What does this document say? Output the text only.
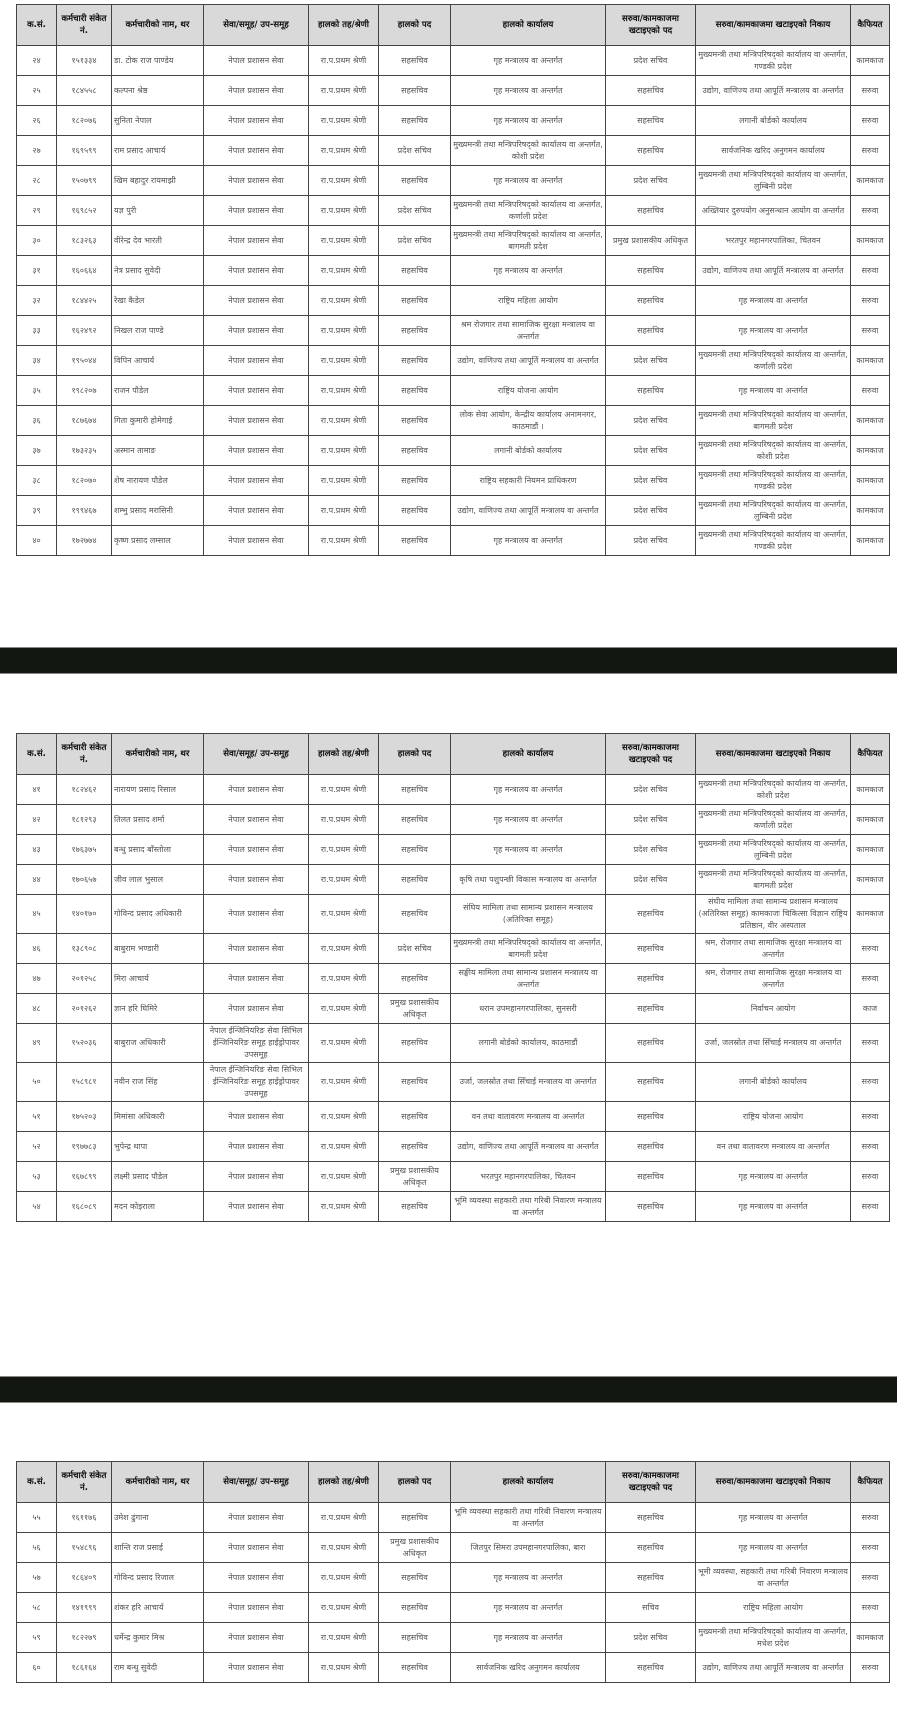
क.सं.	कर्मचारी संकेत नं.	कर्मचारीको नाम, थर	सेवा/समूह/ उप-समूह	हालको तह/श्रेणी	हालको पद	हालको कार्यालय	सरुवा/कामकाजमा खटाइएको पद	सरुवा/कामकाजमा खटाइएको निकाय	कैफियत
२४	१५१३३४	डा. टोक राज पाण्डेय	नेपाल प्रशासन सेवा	रा.प.प्रथम श्रेणी	सहसचिव	गृह मन्त्रालय वा अन्तर्गत	प्रदेश सचिव	मुख्यमन्त्री तथा मन्त्रिपरिषद्को कार्यालय वा अन्तर्गत, गण्डकी प्रदेश	कामकाज
२५	१८४५५८	कल्पना श्रेष्ठ	नेपाल प्रशासन सेवा	रा.प.प्रथम श्रेणी	सहसचिव	गृह मन्त्रालय वा अन्तर्गत	सहसचिव	उद्योग, वाणिज्य तथा आपूर्ति मन्त्रालय वा अन्तर्गत	सरुवा
२६	१८२०७६	सुनिता नेपाल	नेपाल प्रशासन सेवा	रा.प.प्रथम श्रेणी	सहसचिव	गृह मन्त्रालय वा अन्तर्गत	सहसचिव	लगानी बोर्डको कार्यालय	सरुवा
२७	१६९५९९	राम प्रसाद आचार्य	नेपाल प्रशासन सेवा	रा.प.प्रथम श्रेणी	प्रदेश सचिव	मुख्यमन्त्री तथा मन्त्रिपरिषद्को कार्यालय वा अन्तर्गत, कोशी प्रदेश	सहसचिव	सार्वजनिक खरिद अनुगमन कार्यालय	सरुवा
२८	१५०७९९	खिम बहादुर रायमाझी	नेपाल प्रशासन सेवा	रा.प.प्रथम श्रेणी	सहसचिव	गृह मन्त्रालय वा अन्तर्गत	प्रदेश सचिव	मुख्यमन्त्री तथा मन्त्रिपरिषद्को कार्यालय वा अन्तर्गत, लुम्बिनी प्रदेश	कामकाज
२९	१६९८५२	यज्ञ पुरी	नेपाल प्रशासन सेवा	रा.प.प्रथम श्रेणी	प्रदेश सचिव	मुख्यमन्त्री तथा मन्त्रिपरिषद्को कार्यालय वा अन्तर्गत, कर्णाली प्रदेश	सहसचिव	अख्तियार दुरुपयोग अनुसन्धान आयोग वा अन्तर्गत	सरुवा
३०	१८३२६३	वीरेन्द्र देव भारती	नेपाल प्रशासन सेवा	रा.प.प्रथम श्रेणी	प्रदेश सचिव	मुख्यमन्त्री तथा मन्त्रिपरिषद्को कार्यालय वा अन्तर्गत, बागमती प्रदेश	प्रमुख प्रशासकीय अधिकृत	भरतपुर महानगरपालिका, चितवन	कामकाज
३१	१६०६६४	नेत्र प्रसाद सुवेदी	नेपाल प्रशासन सेवा	रा.प.प्रथम श्रेणी	सहसचिव	गृह मन्त्रालय वा अन्तर्गत	सहसचिव	उद्योग, वाणिज्य तथा आपूर्ति मन्त्रालय वा अन्तर्गत	सरुवा
३२	१८४४२५	रेखा कैडेल	नेपाल प्रशासन सेवा	रा.प.प्रथम श्रेणी	सहसचिव	राष्ट्रिय महिला आयोग	सहसचिव	गृह मन्त्रालय वा अन्तर्गत	सरुवा
३३	१६२४९२	निखल राज पाण्डे	नेपाल प्रशासन सेवा	रा.प.प्रथम श्रेणी	सहसचिव	श्रम रोजगार तथा सामाजिक सुरक्षा मन्त्रालय वा अन्तर्गत	सहसचिव	गृह मन्त्रालय वा अन्तर्गत	सरुवा
३४	१९५०४४	विपिन आचार्य	नेपाल प्रशासन सेवा	रा.प.प्रथम श्रेणी	सहसचिव	उद्योग, वाणिज्य तथा आपूर्ति मन्त्रालय वा अन्तर्गत	प्रदेश सचिव	मुख्यमन्त्री तथा मन्त्रिपरिषद्को कार्यालय वा अन्तर्गत, कर्णाली प्रदेश	कामकाज
३५	१९८२०७	राजन पौडेल	नेपाल प्रशासन सेवा	रा.प.प्रथम श्रेणी	सहसचिव	राष्ट्रिय योजना आयोग	सहसचिव	गृह मन्त्रालय वा अन्तर्गत	सरुवा
३६	१८७६७४	गिता कुमारी होमेगाई	नेपाल प्रशासन सेवा	रा.प.प्रथम श्रेणी	सहसचिव	लोक सेवा आयोग, केन्द्रीय कार्यालय अनामनगर, काठमाडौं ।	प्रदेश सचिव	मुख्यमन्त्री तथा मन्त्रिपरिषद्को कार्यालय वा अन्तर्गत, बागमती प्रदेश	कामकाज
३७	१७३२३५	अस्मान तामाङ	नेपाल प्रशासन सेवा	रा.प.प्रथम श्रेणी	सहसचिव	लगानी बोर्डको कार्यालय	प्रदेश सचिव	मुख्यमन्त्री तथा मन्त्रिपरिषद्को कार्यालय वा अन्तर्गत, कोशी प्रदेश	कामकाज
३८	१८२०७०	शेष नारायण पौडेल	नेपाल प्रशासन सेवा	रा.प.प्रथम श्रेणी	सहसचिव	राष्ट्रिय सहकारी नियमन प्राधिकरण	प्रदेश सचिव	मुख्यमन्त्री तथा मन्त्रिपरिषद्को कार्यालय वा अन्तर्गत, गण्डकी प्रदेश	कामकाज
३९	१९९४६७	शम्भु प्रसाद मरासिनी	नेपाल प्रशासन सेवा	रा.प.प्रथम श्रेणी	सहसचिव	उद्योग, वाणिज्य तथा आपूर्ति मन्त्रालय वा अन्तर्गत	प्रदेश सचिव	मुख्यमन्त्री तथा मन्त्रिपरिषद्को कार्यालय वा अन्तर्गत, लुम्बिनी प्रदेश	कामकाज
४०	१७२७७४	कृष्ण प्रसाद लम्साल	नेपाल प्रशासन सेवा	रा.प.प्रथम श्रेणी	सहसचिव	गृह मन्त्रालय वा अन्तर्गत	प्रदेश सचिव	मुख्यमन्त्री तथा मन्त्रिपरिषद्को कार्यालय वा अन्तर्गत, गण्डकी प्रदेश	कामकाज
क.सं.	कर्मचारी संकेत नं.	कर्मचारीको नाम, थर	सेवा/समूह/ उप-समूह	हालको तह/श्रेणी	हालको पद	हालको कार्यालय	सरुवा/कामकाजमा खटाइएको पद	सरुवा/कामकाजमा खटाइएको निकाय	कैफियत
४१	१८२४६२	नारायण प्रसाद रिसाल	नेपाल प्रशासन सेवा	रा.प.प्रथम श्रेणी	सहसचिव	गृह मन्त्रालय वा अन्तर्गत	प्रदेश सचिव	मुख्यमन्त्री तथा मन्त्रिपरिषद्को कार्यालय वा अन्तर्गत, कोशी प्रदेश	कामकाज
४२	१८१२९३	तिलत प्रसाद शर्मा	नेपाल प्रशासन सेवा	रा.प.प्रथम श्रेणी	सहसचिव	गृह मन्त्रालय वा अन्तर्गत	प्रदेश सचिव	मुख्यमन्त्री तथा मन्त्रिपरिषद्को कार्यालय वा अन्तर्गत, कर्णाली प्रदेश	कामकाज
४३	१७६३७५	बन्धु प्रसाद बाँस्तोला	नेपाल प्रशासन सेवा	रा.प.प्रथम श्रेणी	सहसचिव	गृह मन्त्रालय वा अन्तर्गत	प्रदेश सचिव	मुख्यमन्त्री तथा मन्त्रिपरिषद्को कार्यालय वा अन्तर्गत, लुम्बिनी प्रदेश	कामकाज
४४	१७०६५७	जीव लाल भुसाल	नेपाल प्रशासन सेवा	रा.प.प्रथम श्रेणी	सहसचिव	कृषि तथा पशुपन्छी विकास मन्त्रालय वा अन्तर्गत	प्रदेश सचिव	मुख्यमन्त्री तथा मन्त्रिपरिषद्को कार्यालय वा अन्तर्गत, बागमती प्रदेश	कामकाज
४५	१४०१७०	गोविन्द प्रसाद अधिकारी	नेपाल प्रशासन सेवा	रा.प.प्रथम श्रेणी	सहसचिव	संघिय मामिला तथा सामान्य प्रशासन मन्त्रालय (अतिरिक्त समूह)	सहसचिव	संघीय मामिला तथा सामान्य प्रशासन मन्त्रालय (अतिरिक्त समूह) कामकाजः चिकित्सा विज्ञान राष्ट्रिय प्रतिष्ठान, वीर अस्पताल	कामकाज
४६	१३८९०८	बाबुराम भण्डारी	नेपाल प्रशासन सेवा	रा.प.प्रथम श्रेणी	प्रदेश सचिव	मुख्यमन्त्री तथा मन्त्रिपरिषद्को कार्यालय वा अन्तर्गत, बागमती प्रदेश	सहसचिव	श्रम, रोजगार तथा सामाजिक सुरक्षा मन्त्रालय वा अन्तर्गत	सरुवा
४७	२०१२५८	मिरा आचार्य	नेपाल प्रशासन सेवा	रा.प.प्रथम श्रेणी	सहसचिव	सङ्घीय मामिला तथा सामान्य प्रशासन मन्त्रालय वा अन्तर्गत	सहसचिव	श्रम, रोजगार तथा सामाजिक सुरक्षा मन्त्रालय वा अन्तर्गत	सरुवा
४८	२०१२६२	ज्ञान हरि घिमिरे	नेपाल प्रशासन सेवा	रा.प.प्रथम श्रेणी	प्रमुख प्रशासकीय अधिकृत	धरान उपमहानगरपालिका, सुनसरी	सहसचिव	निर्वाचन आयोग	काज
४९	१५२०३६	बाबुराज अधिकारी	नेपाल ईन्जिनियरिङ सेवा सिभिल ईन्जिनियरिङ समूह हाईड्रोपावर उपसमूह	रा.प.प्रथम श्रेणी	सहसचिव	लगानी बोर्डको कार्यालय, काठमाडौं	सहसचिव	उर्जा, जलस्रोत तथा सिँचाई मन्त्रालय वा अन्तर्गत	सरुवा
५०	१५८९८१	नवीन राज सिंह	नेपाल ईन्जिनियरिङ सेवा सिभिल ईन्जिनियरिङ समूह हाईड्रोपावर उपसमूह	रा.प.प्रथम श्रेणी	सहसचिव	उर्जा, जलस्रोत तथा सिँचाई मन्त्रालय वा अन्तर्गत	सहसचिव	लगानी बोर्डको कार्यालय	सरुवा
५१	१७५२०३	मिमांसा अधिकारी	नेपाल प्रशासन सेवा	रा.प.प्रथम श्रेणी	सहसचिव	वन तथा वातावरण मन्त्रालय वा अन्तर्गत	सहसचिव	राष्ट्रिय योजना आयोग	सरुवा
५२	१९७७८३	भुपेन्द्र थापा	नेपाल प्रशासन सेवा	रा.प.प्रथम श्रेणी	सहसचिव	उद्योग, वाणिज्य तथा आपूर्ति मन्त्रालय वा अन्तर्गत	सहसचिव	वन तथा वातावरण मन्त्रालय वा अन्तर्गत	सरुवा
५३	१६७८९९	लक्ष्मी प्रसाद पौडेल	नेपाल प्रशासन सेवा	रा.प.प्रथम श्रेणी	प्रमुख प्रशासकीय अधिकृत	भरतपुर महानगरपालिका, चितवन	सहसचिव	गृह मन्त्रालय वा अन्तर्गत	सरुवा
५४	१६८०८९	मदन कोइराला	नेपाल प्रशासन सेवा	रा.प.प्रथम श्रेणी	सहसचिव	भूमि व्यवस्था सहकारी तथा गरिबी निवारण मन्त्रालय वा अन्तर्गत	सहसचिव	गृह मन्त्रालय वा अन्तर्गत	सरुवा
क.सं.	कर्मचारी संकेत नं.	कर्मचारीको नाम, थर	सेवा/समूह/ उप-समूह	हालको तह/श्रेणी	हालको पद	हालको कार्यालय	सरुवा/कामकाजमा खटाइएको पद	सरुवा/कामकाजमा खटाइएको निकाय	कैफियत
५५	१६११७६	उमेश ढुंगाना	नेपाल प्रशासन सेवा	रा.प.प्रथम श्रेणी	सहसचिव	भूमि व्यवस्था सहकारी तथा गरिबी निवारण मन्त्रालय वा अन्तर्गत	सहसचिव	गृह मन्त्रालय वा अन्तर्गत	सरुवा
५६	१५४८९६	शान्ति राज प्रसाई	नेपाल प्रशासन सेवा	रा.प.प्रथम श्रेणी	प्रमुख प्रशासकीय अधिकृत	जितपुर सिमरा उपमहानगरपालिका, बारा	सहसचिव	गृह मन्त्रालय वा अन्तर्गत	सरुवा
५७	१८६४०९	गोविन्द प्रसाद रिजाल	नेपाल प्रशासन सेवा	रा.प.प्रथम श्रेणी	सहसचिव	गृह मन्त्रालय वा अन्तर्गत	सहसचिव	भूमी व्यवस्था, सहकारी तथा गरिबी निवारण मन्त्रालय वा अन्तर्गत	सरुवा
५८	१४१९९९	शंकर हरि आचार्य	नेपाल प्रशासन सेवा	रा.प.प्रथम श्रेणी	सहसचिव	गृह मन्त्रालय वा अन्तर्गत	सचिव	राष्ट्रिय महिला आयोग	सरुवा
५९	१८२२७९	धर्मेन्द्र कुमार मिश्र	नेपाल प्रशासन सेवा	रा.प.प्रथम श्रेणी	सहसचिव	गृह मन्त्रालय वा अन्तर्गत	प्रदेश सचिव	मुख्यमन्त्री तथा मन्त्रिपरिषद्को कार्यालय वा अन्तर्गत, मधेश प्रदेश	कामकाज
६०	१८६१६४	राम बन्धु सुवेदी	नेपाल प्रशासन सेवा	रा.प.प्रथम श्रेणी	सहसचिव	सार्वजनिक खरिद अनुगमन कार्यालय	सहसचिव	उद्योग, वाणिज्य तथा आपूर्ति मन्त्रालय वा अन्तर्गत	सरुवा
